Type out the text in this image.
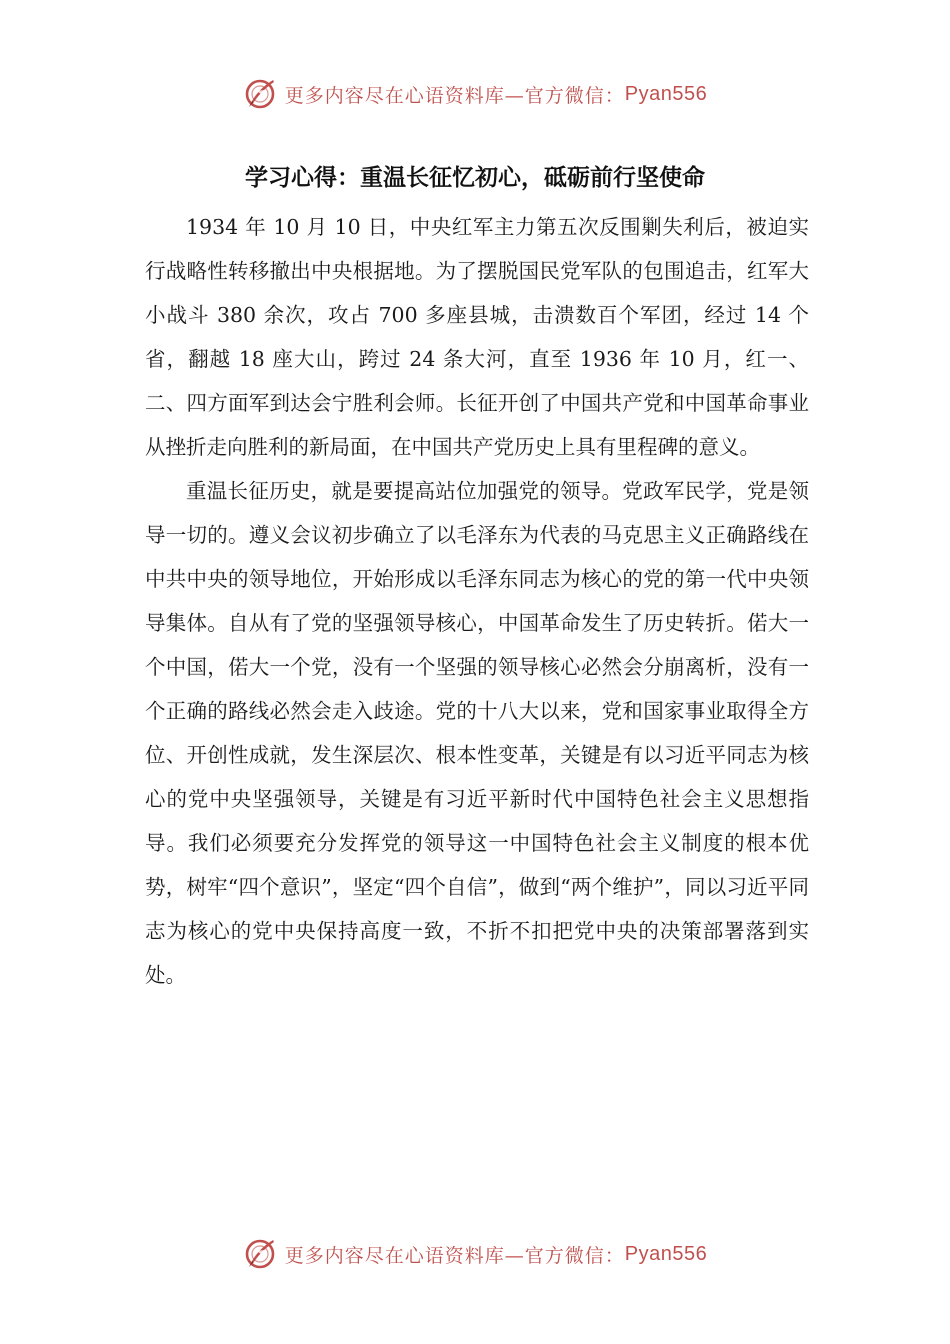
更多内容尽在心语资料库—官方微信： Pyan556
学习心得：重温长征忆初心，砥砺前行坚使命

1934 年 10 月 10 日，中央红军主力第五次反围剿失利后，被迫实行战略性转移撤出中央根据地。为了摆脱国民党军队的包围追击，红军大小战斗 380 余次，攻占 700 多座县城，击溃数百个军团，经过 14 个省，翻越 18 座大山，跨过 24 条大河，直至 1936 年 10 月，红一、二、四方面军到达会宁胜利会师。长征开创了中国共产党和中国革命事业从挫折走向胜利的新局面，在中国共产党历史上具有里程碑的意义。

重温长征历史，就是要提高站位加强党的领导。党政军民学，党是领导一切的。遵义会议初步确立了以毛泽东为代表的马克思主义正确路线在中共中央的领导地位，开始形成以毛泽东同志为核心的党的第一代中央领导集体。自从有了党的坚强领导核心，中国革命发生了历史转折。偌大一个中国，偌大一个党，没有一个坚强的领导核心必然会分崩离析，没有一个正确的路线必然会走入歧途。党的十八大以来，党和国家事业取得全方位、开创性成就，发生深层次、根本性变革，关键是有以习近平同志为核心的党中央坚强领导，关键是有习近平新时代中国特色社会主义思想指导。我们必须要充分发挥党的领导这一中国特色社会主义制度的根本优势，树牢“四个意识”，坚定“四个自信”，做到“两个维护”，同以习近平同志为核心的党中央保持高度一致，不折不扣把党中央的决策部署落到实处。

更多内容尽在心语资料库—官方微信： Pyan556
